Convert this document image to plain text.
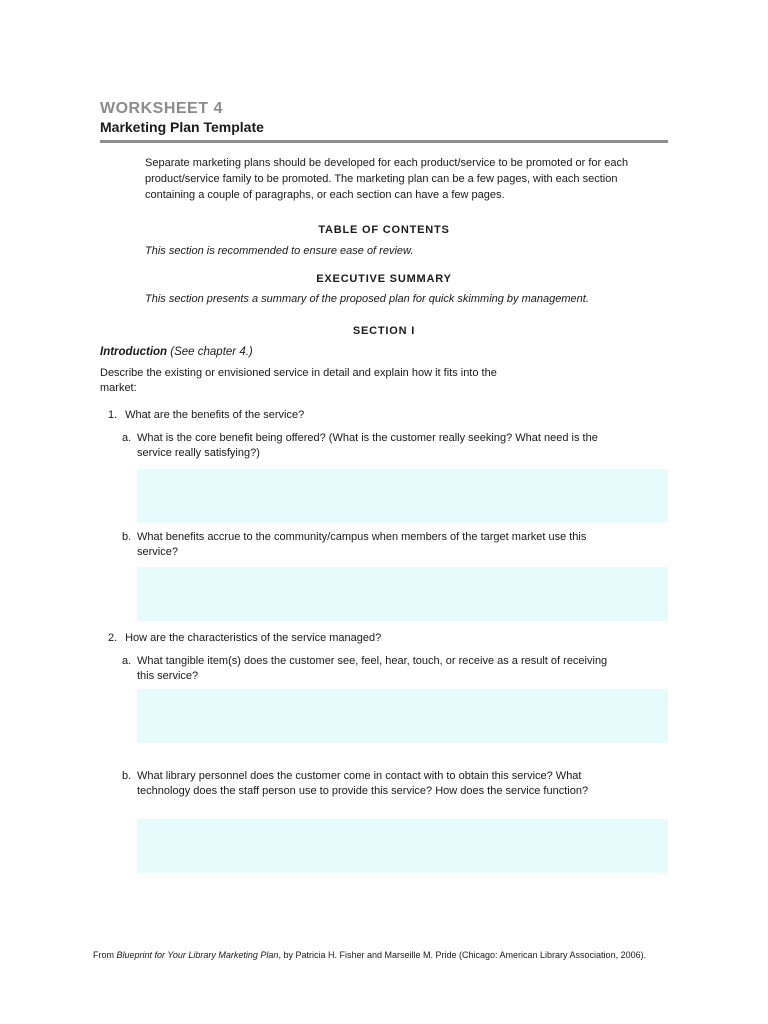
WORKSHEET 4
Marketing Plan Template
Separate marketing plans should be developed for each product/service to be promoted or for each product/service family to be promoted. The marketing plan can be a few pages, with each section containing a couple of paragraphs, or each section can have a few pages.
TABLE OF CONTENTS
This section is recommended to ensure ease of review.
EXECUTIVE SUMMARY
This section presents a summary of the proposed plan for quick skimming by management.
SECTION I
Introduction (See chapter 4.)
Describe the existing or envisioned service in detail and explain how it fits into the market:
1. What are the benefits of the service?
a. What is the core benefit being offered? (What is the customer really seeking? What need is the service really satisfying?)
b. What benefits accrue to the community/campus when members of the target market use this service?
2. How are the characteristics of the service managed?
a. What tangible item(s) does the customer see, feel, hear, touch, or receive as a result of receiving this service?
b. What library personnel does the customer come in contact with to obtain this service? What technology does the staff person use to provide this service? How does the service function?
From Blueprint for Your Library Marketing Plan, by Patricia H. Fisher and Marseille M. Pride (Chicago: American Library Association, 2006).
